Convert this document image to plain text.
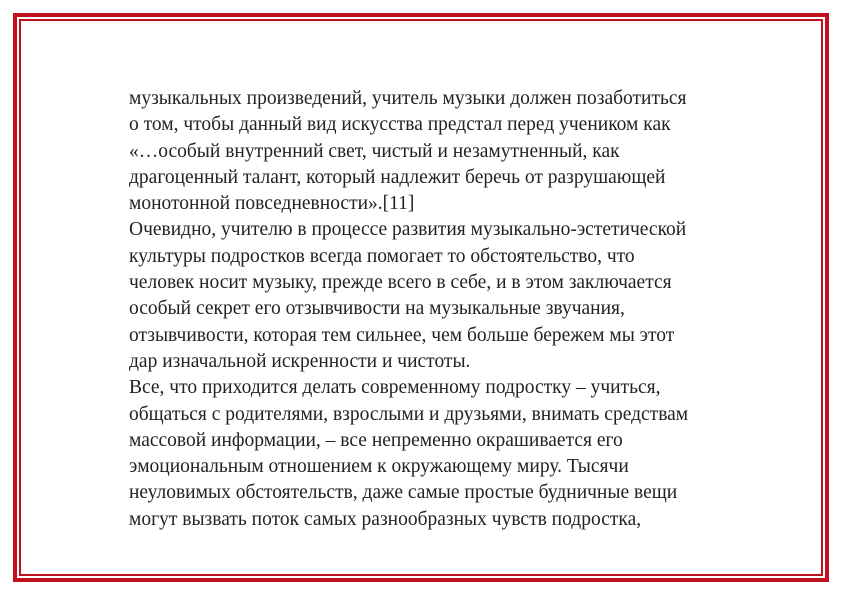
музыкальных произведений, учитель музыки должен позаботиться
о том, чтобы данный вид искусства предстал перед учеником как
«…особый внутренний свет, чистый и незамутненный, как
драгоценный талант, который надлежит беречь от разрушающей
монотонной повседневности».[11]
Очевидно, учителю в процессе развития музыкально-эстетической
культуры подростков всегда помогает то обстоятельство, что
человек носит музыку, прежде всего в себе, и в этом заключается
особый секрет его отзывчивости на музыкальные звучания,
отзывчивости, которая тем сильнее, чем больше бережем мы этот
дар изначальной искренности и чистоты.
Все, что приходится делать современному подростку – учиться,
общаться с родителями, взрослыми и друзьями, внимать средствам
массовой информации, – все непременно окрашивается его
эмоциональным отношением к окружающему миру. Тысячи
неуловимых обстоятельств, даже самые простые будничные вещи
могут вызвать поток самых разнообразных чувств подростка,
